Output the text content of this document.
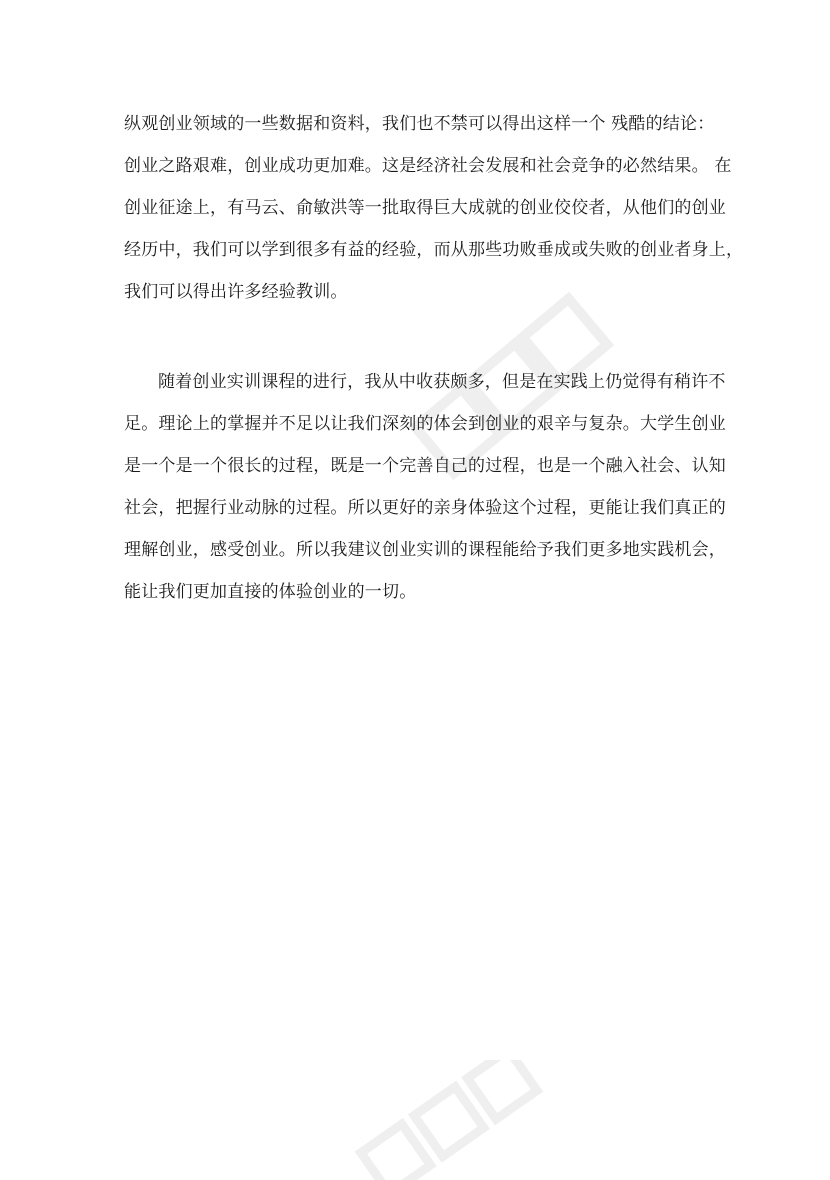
纵观创业领域的一些数据和资料，我们也不禁可以得出这样一个 残酷的结论：
创业之路艰难，创业成功更加难。这是经济社会发展和社会竞争的必然结果。 在
创业征途上，有马云、俞敏洪等一批取得巨大成就的创业佼佼者，从他们的创业
经历中，我们可以学到很多有益的经验，而从那些功败垂成或失败的创业者身上，
我们可以得出许多经验教训。
随着创业实训课程的进行，我从中收获颇多，但是在实践上仍觉得有稍许不
足。理论上的掌握并不足以让我们深刻的体会到创业的艰辛与复杂。大学生创业
是一个是一个很长的过程，既是一个完善自己的过程，也是一个融入社会、认知
社会，把握行业动脉的过程。所以更好的亲身体验这个过程，更能让我们真正的
理解创业，感受创业。所以我建议创业实训的课程能给予我们更多地实践机会，
能让我们更加直接的体验创业的一切。
